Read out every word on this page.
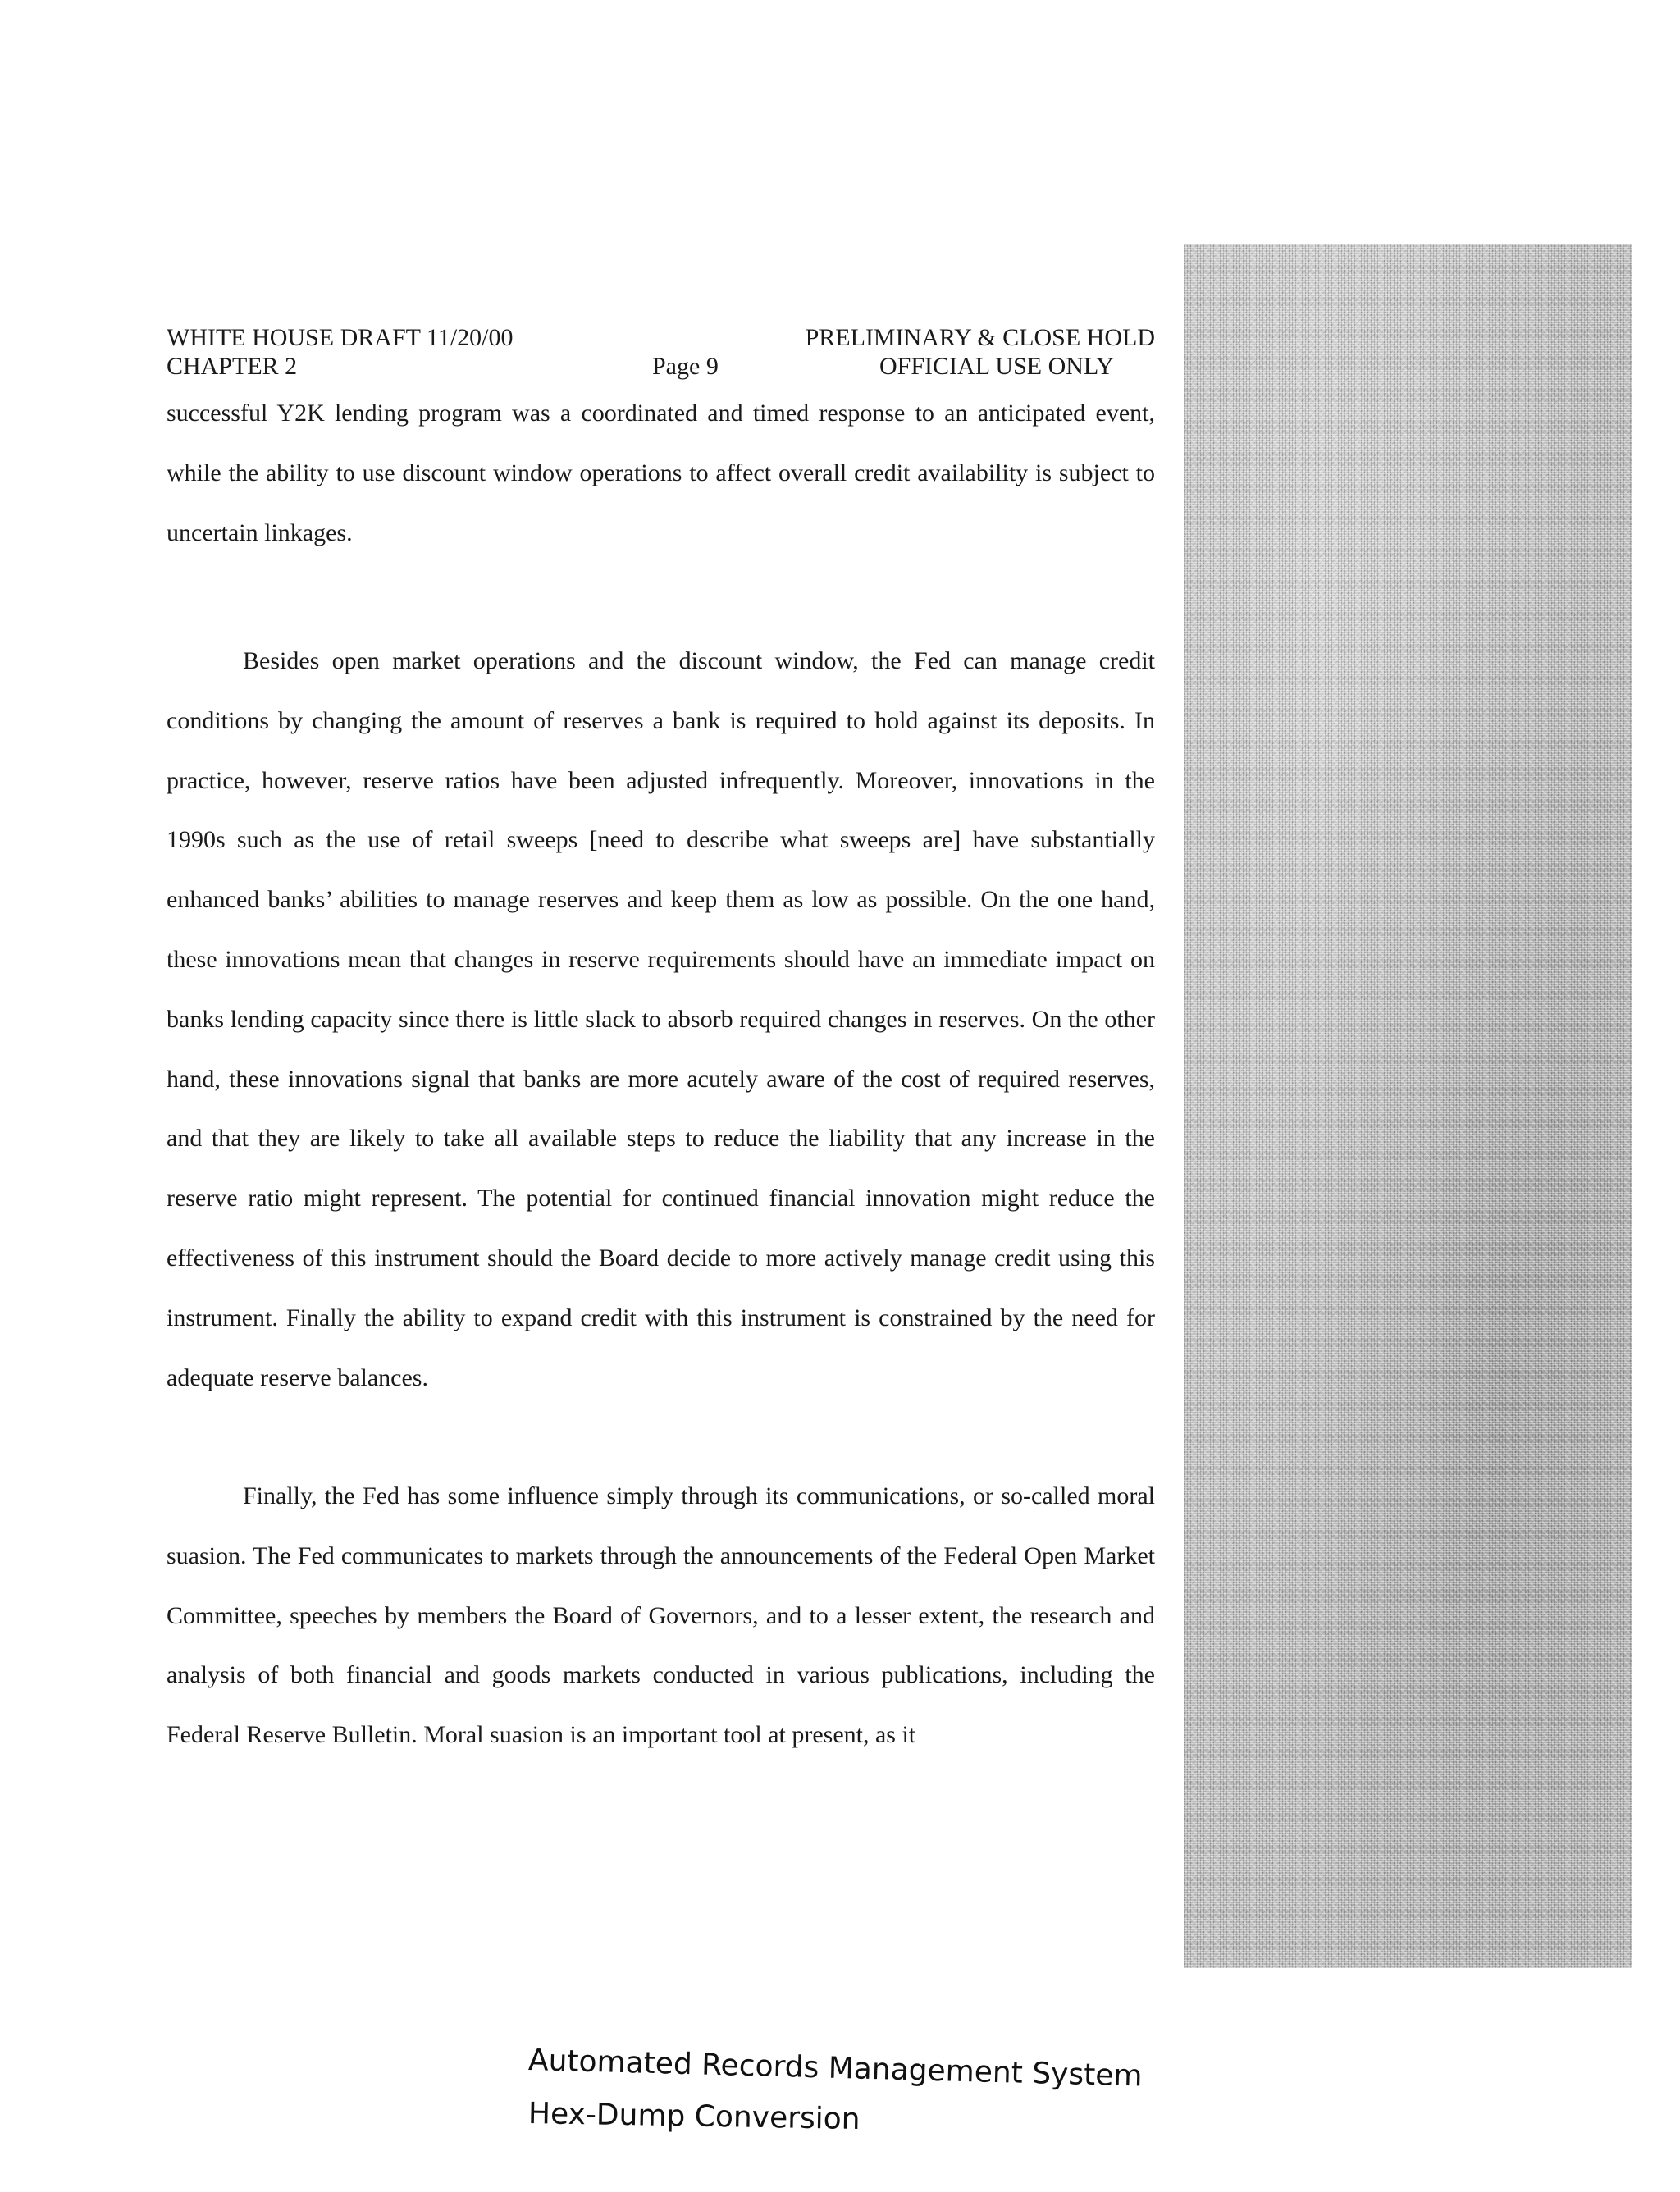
WHITE HOUSE DRAFT 11/20/00
CHAPTER 2	Page 9
PRELIMINARY & CLOSE HOLD
OFFICIAL USE ONLY

successful Y2K lending program was a coordinated and timed response to an anticipated event, while the ability to use discount window operations to affect overall credit availability is subject to uncertain linkages.

Besides open market operations and the discount window, the Fed can manage credit conditions by changing the amount of reserves a bank is required to hold against its deposits. In practice, however, reserve ratios have been adjusted infrequently. Moreover, innovations in the 1990s such as the use of retail sweeps [need to describe what sweeps are] have substantially enhanced banks’ abilities to manage reserves and keep them as low as possible. On the one hand, these innovations mean that changes in reserve requirements should have an immediate impact on banks lending capacity since there is little slack to absorb required changes in reserves. On the other hand, these innovations signal that banks are more acutely aware of the cost of required reserves, and that they are likely to take all available steps to reduce the liability that any increase in the reserve ratio might represent. The potential for continued financial innovation might reduce the effectiveness of this instrument should the Board decide to more actively manage credit using this instrument. Finally the ability to expand credit with this instrument is constrained by the need for adequate reserve balances.

Finally, the Fed has some influence simply through its communications, or so-called moral suasion. The Fed communicates to markets through the announcements of the Federal Open Market Committee, speeches by members the Board of Governors, and to a lesser extent, the research and analysis of both financial and goods markets conducted in various publications, including the Federal Reserve Bulletin. Moral suasion is an important tool at present, as it

Automated Records Management System
Hex-Dump Conversion
